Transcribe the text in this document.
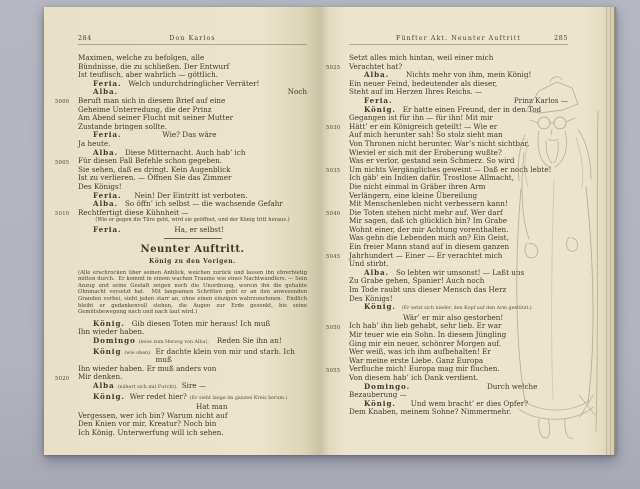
284	Don Karlos
Maximen, welche zu befolgen, alle
Bündnisse, die zu schließen. Der Entwurf
Ist teuflisch, aber wahrlich — göttlich.
Feria. Welch undurchdringlicher Verräter!
Alba.	Noch
5000 Beruft man sich in diesem Brief auf eine
Geheime Unterredung, die der Prinz
Am Abend seiner Flucht mit seiner Mutter
Zustande bringen sollte.
Feria.	Wie? Das wäre
Ja heute.
Alba. Diese Mitternacht. Auch hab’ ich
5005 Für diesen Fall Befehle schon gegeben.
Sie sehen, daß es dringt. Kein Augenblick
Ist zu verlieren. — Öffnen Sie das Zimmer
Des Königs!
Feria. Nein! Der Eintritt ist verboten.
Alba. So öffn’ ich selbst — die wachsende Gefahr
5010 Rechtfertigt diese Kühnheit —
(Wie er gegen die Türe geht, wird sie geöffnet, und der König tritt heraus.)
Feria.	Ha, er selbst!
Neunter Auftritt.
König zu den Vorigen.
(Alle erschrocken über seinen Anblick, weichen zurück und lassen ihn ehrerbietig mitten durch.  Er kommt in einem wachen Traume wie eines Nachtwandlers. — Sein Anzug und seine Gestalt zeigen noch die Unordnung, worein ihn die gehabte Ohnmacht versetzt hat.  Mit langsamen Schritten geht er an den anwesenden Granden vorbei, sieht jeden starr an, ohne einen einzigen wahrzunehmen.  Endlich bleibt er gedankenvoll stehen, die Augen zur Erde gesenkt, bis seine Gemütsbewegung nach und nach laut wird.)
König. Gib diesen Toten mir heraus! Ich muß
Ihn wieder haben.
Domingo (leise zum Herzog von Alba). Reden Sie ihn an!
König (wie oben). Er dachte klein von mir und starb. Ich muß
Ihn wieder haben. Er muß anders von
5020 Mir denken.
Alba (nähert sich mit Furcht). Sire —
König. Wer redet hier? (Er sieht lange im ganzen Kreis herum.)
Hat man
Vergessen, wer ich bin? Warum nicht auf
Den Knien vor mir, Kreatur? Noch bin
Ich König. Unterwerfung will ich sehen.
Fünfter Akt. Neunter Auftritt	285
Setzt alles mich hintan, weil einer mich
5025 Verachtet hat?
Alba. Nichts mehr von ihm, mein König!
Ein neuer Feind, bedeutender als dieser,
Steht auf im Herzen Ihres Reichs. —
Feria.	Prinz Karlos —
König. Er hatte einen Freund, der in den Tod
Gegangen ist für ihn — für ihn! Mit mir
5030 Hätt’ er ein Königreich geteilt! — Wie er
Auf mich herunter sah! So stolz sieht man
Von Thronen nicht herunter. War’s nicht sichtbar,
Wieviel er sich mit der Eroberung wußte?
Was er verlor, gestand sein Schmerz. So wird
5035 Um nichts Vergängliches geweint — Daß er noch lebte!
Ich gäb’ ein Indien dafür. Trostlose Allmacht,
Die nicht einmal in Gräber ihren Arm
Verlängern, eine kleine Übereilung
Mit Menschenleben nicht verbessern kann!
5040 Die Toten stehen nicht mehr auf. Wer darf
Mir sagen, daß ich glücklich bin? Im Grabe
Wohnt einer, der mir Achtung vorenthalten.
Was gehn die Lebenden mich an? Ein Geist,
Ein freier Mann stand auf in diesem ganzen
5045 Jahrhundert — Einer — Er verachtet mich
Und stirbt.
Alba. So lebten wir umsonst! — Laßt uns
Zu Grabe gehen, Spanier! Auch noch
Im Tode raubt uns dieser Mensch das Herz
Des Königs!
König. (Er setzt sich nieder, den Kopf auf den Arm gestützt.)
Wär’ er mir also gestorben!
5050 Ich hab’ ihn lieb gehabt, sehr lieb. Er war
Mir teuer wie ein Sohn. In diesem Jüngling
Ging mir ein neuer, schönrer Morgen auf.
Wer weiß, was ich ihm aufbehalten! Er
War meine erste Liebe. Ganz Europa
5055 Verfluche mich! Europa mag mir fluchen.
Von diesem hab’ ich Dank verdient.
Domingo.	Durch welche
Bezauberung —
König. Und wem bracht’ er dies Opfer?
Dem Knaben, meinem Sohne? Nimmermehr.
